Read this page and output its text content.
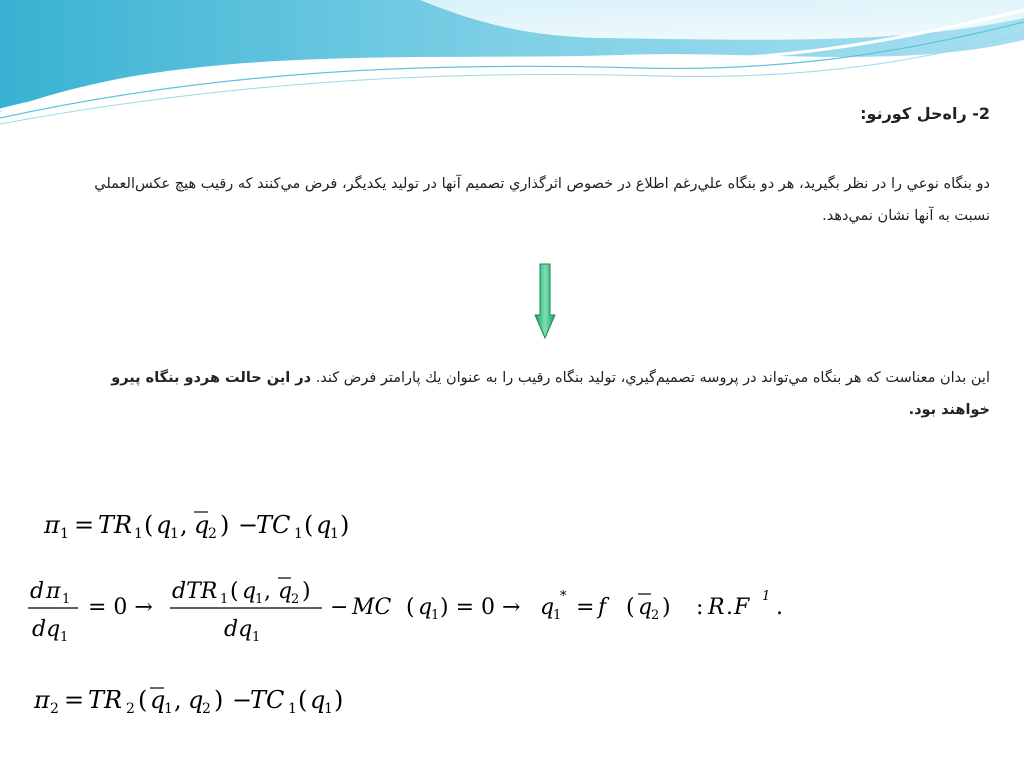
2- راه‌حل كورنو:
دو بنگاه نوعي را در نظر بگيريد، هر دو بنگاه علي‌رغم اطلاع در خصوص اثرگذاري تصميم آنها در توليد يكديگر، فرض مي‌كنند كه رقيب هيچ عكس‌العملي نسبت به آنها نشان نمي‌دهد.
اين بدان معناست كه هر بنگاه مي‌تواند در پروسه تصميم‌گيري، توليد بنگاه رقيب را به عنوان يك پارامتر فرض كند. در اين حالت هردو بنگاه پيرو خواهند بود.
π 1 = TR 1 ( q
1 , q
2 ) −
TC 1 ( q
1 )
d π 1
dq 1
= 0 →
dTR 1 ( q
1 , q
2 )
dq 1
− MC ( q
1 ) = 0 → q
1
* = f ( q
2 ) : R . F 1 .
π 2 = TR 2 ( q
1 , q
2 ) −
TC 1 ( q
1 )
